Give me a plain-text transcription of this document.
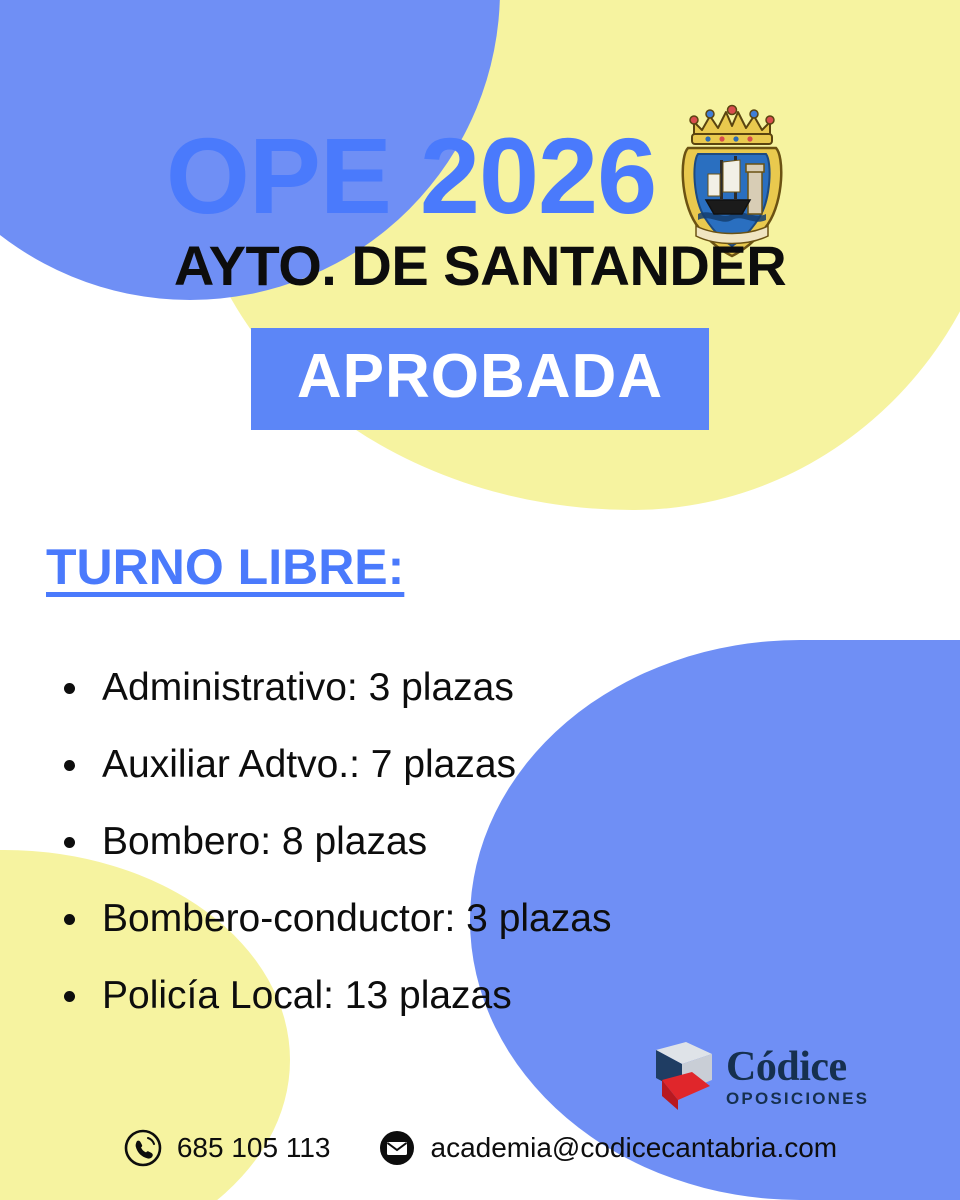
OPE 2026
AYTO. DE SANTANDER
APROBADA
TURNO LIBRE:
Administrativo: 3 plazas
Auxiliar Adtvo.: 7 plazas
Bombero: 8 plazas
Bombero-conductor: 3 plazas
Policía Local: 13 plazas
Códice
OPOSICIONES
685 105 113	academia@codicecantabria.com
